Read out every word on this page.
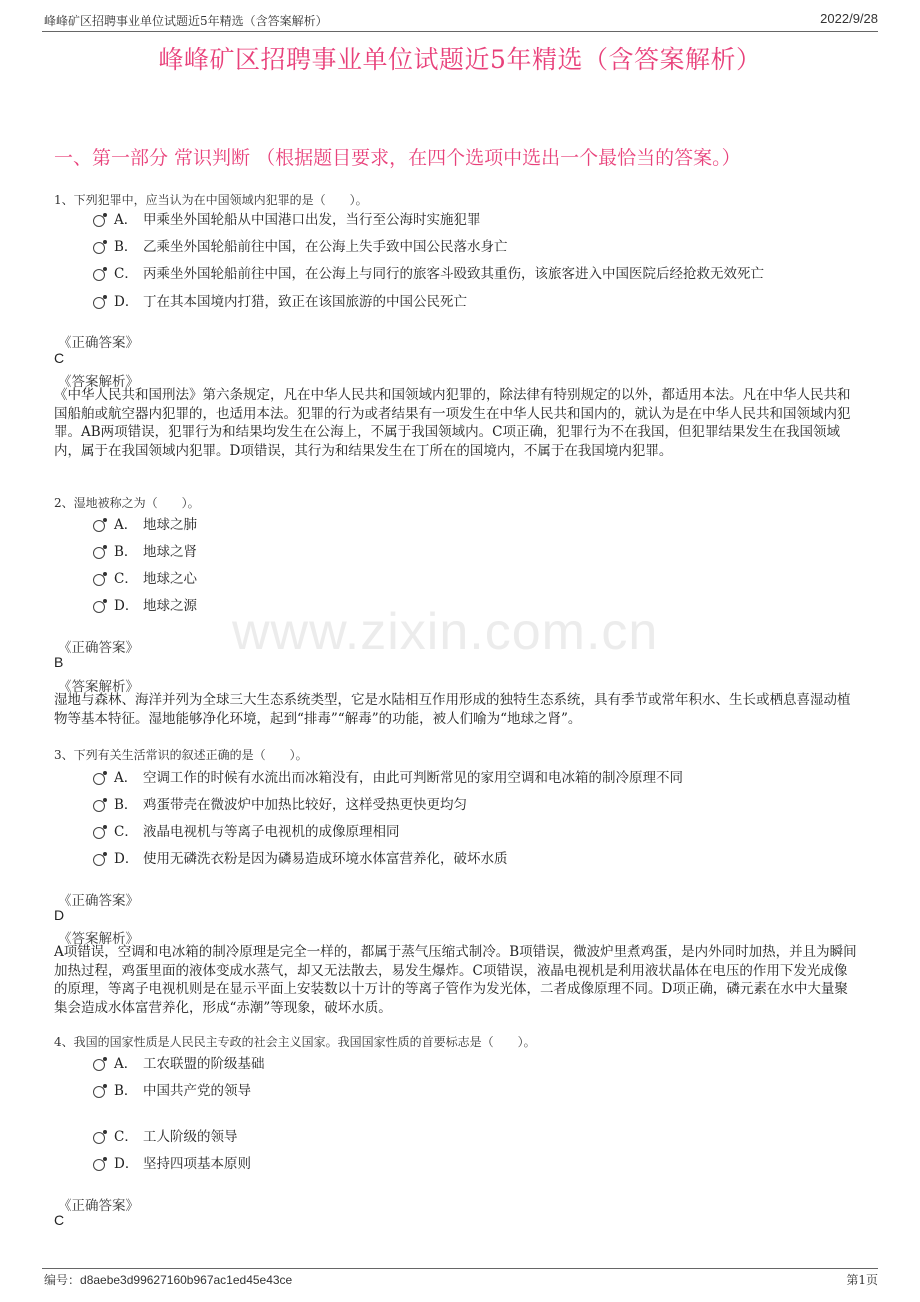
峰峰矿区招聘事业单位试题近5年精选（含答案解析）	2022/9/28
峰峰矿区招聘事业单位试题近5年精选（含答案解析）
一、第一部分 常识判断 （根据题目要求，在四个选项中选出一个最恰当的答案。）
www.zixin.com.cn
1、下列犯罪中，应当认为在中国领域内犯罪的是（　　）。
A． 甲乘坐外国轮船从中国港口出发，当行至公海时实施犯罪
B． 乙乘坐外国轮船前往中国，在公海上失手致中国公民落水身亡
C． 丙乘坐外国轮船前往中国，在公海上与同行的旅客斗殴致其重伤，该旅客进入中国医院后经抢救无效死亡
D． 丁在其本国境内打猎，致正在该国旅游的中国公民死亡
《正确答案》
C
《答案解析》
《中华人民共和国刑法》第六条规定，凡在中华人民共和国领域内犯罪的，除法律有特别规定的以外，都适用本法。凡在中华人民共和国船舶或航空器内犯罪的，也适用本法。犯罪的行为或者结果有一项发生在中华人民共和国内的，就认为是在中华人民共和国领域内犯罪。AB两项错误，犯罪行为和结果均发生在公海上，不属于我国领域内。C项正确，犯罪行为不在我国，但犯罪结果发生在我国领域内，属于在我国领域内犯罪。D项错误，其行为和结果发生在丁所在的国境内，不属于在我国境内犯罪。
2、湿地被称之为（　　）。
A． 地球之肺
B． 地球之肾
C． 地球之心
D． 地球之源
《正确答案》
B
《答案解析》
湿地与森林、海洋并列为全球三大生态系统类型，它是水陆相互作用形成的独特生态系统，具有季节或常年积水、生长或栖息喜湿动植物等基本特征。湿地能够净化环境，起到“排毒”“解毒”的功能，被人们喻为“地球之肾”。
3、下列有关生活常识的叙述正确的是（　　）。
A． 空调工作的时候有水流出而冰箱没有，由此可判断常见的家用空调和电冰箱的制冷原理不同
B． 鸡蛋带壳在微波炉中加热比较好，这样受热更快更均匀
C． 液晶电视机与等离子电视机的成像原理相同
D． 使用无磷洗衣粉是因为磷易造成环境水体富营养化，破坏水质
《正确答案》
D
《答案解析》
A项错误，空调和电冰箱的制冷原理是完全一样的，都属于蒸气压缩式制冷。B项错误，微波炉里煮鸡蛋，是内外同时加热，并且为瞬间加热过程，鸡蛋里面的液体变成水蒸气，却又无法散去，易发生爆炸。C项错误，液晶电视机是利用液状晶体在电压的作用下发光成像的原理，等离子电视机则是在显示平面上安装数以十万计的等离子管作为发光体，二者成像原理不同。D项正确，磷元素在水中大量聚集会造成水体富营养化，形成“赤潮”等现象，破坏水质。
4、我国的国家性质是人民民主专政的社会主义国家。我国国家性质的首要标志是（　　）。
A． 工农联盟的阶级基础
B． 中国共产党的领导
C． 工人阶级的领导
D． 坚持四项基本原则
《正确答案》
C
编号：d8aebe3d99627160b967ac1ed45e43ce	第1页
